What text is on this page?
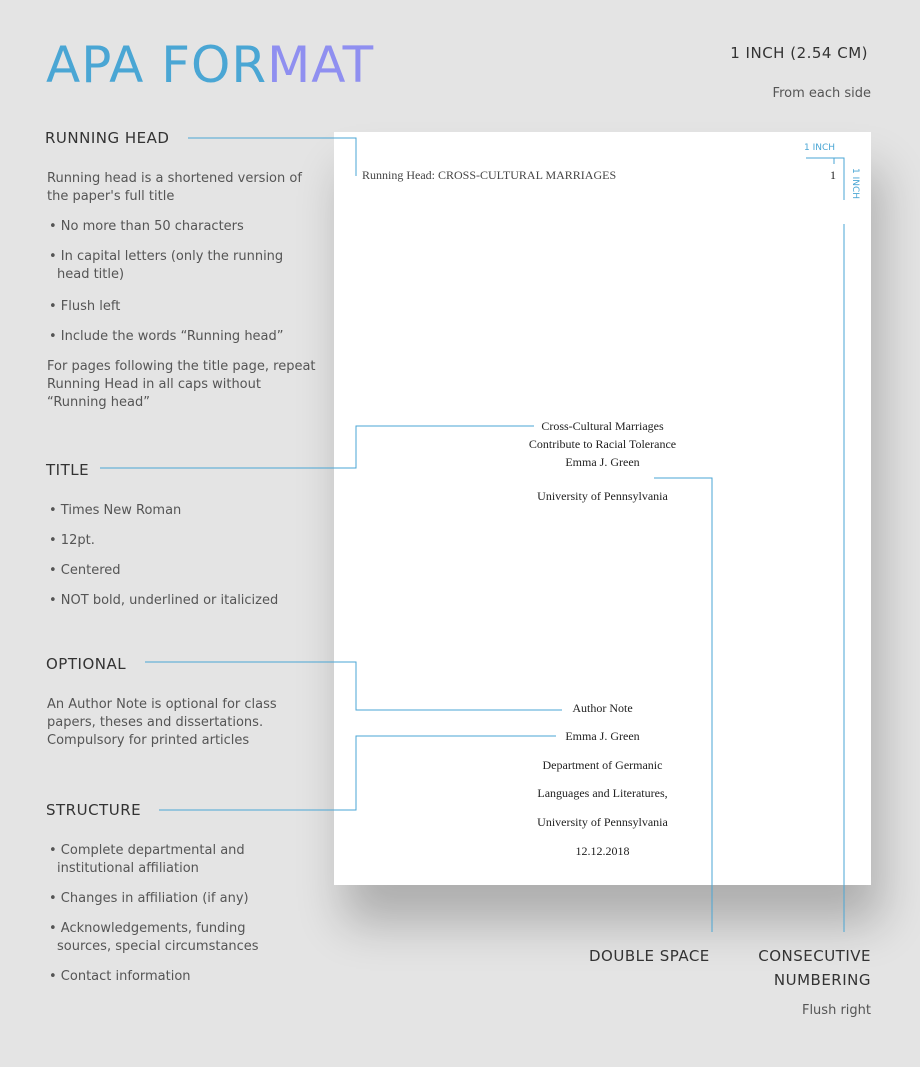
APA FORMAT	1 INCH (2.54 CM)
From each side
RUNNING HEAD

Running head is a shortened version of the paper's full title

• No more than 50 characters

• In capital letters (only the running head title)

• Flush left

• Include the words “Running head”

For pages following the title page, repeat Running Head in all caps without “Running head”

TITLE

• Times New Roman

• 12pt.

• Centered

• NOT bold, underlined or italicized

OPTIONAL

An Author Note is optional for class papers, theses and dissertations. Compulsory for printed articles

STRUCTURE

• Complete departmental and institutional affiliation

• Changes in affiliation (if any)

• Acknowledgements, funding sources, special circumstances

• Contact information

Running Head: CROSS-CULTURAL MARRIAGES	1
1 INCH
1 INCH
Cross-Cultural Marriages
Contribute to Racial Tolerance
Emma J. Green
University of Pennsylvania
Author Note
Emma J. Green
Department of Germanic
Languages and Literatures,
University of Pennsylvania
12.12.2018
DOUBLE SPACE	CONSECUTIVE
NUMBERING
Flush right
